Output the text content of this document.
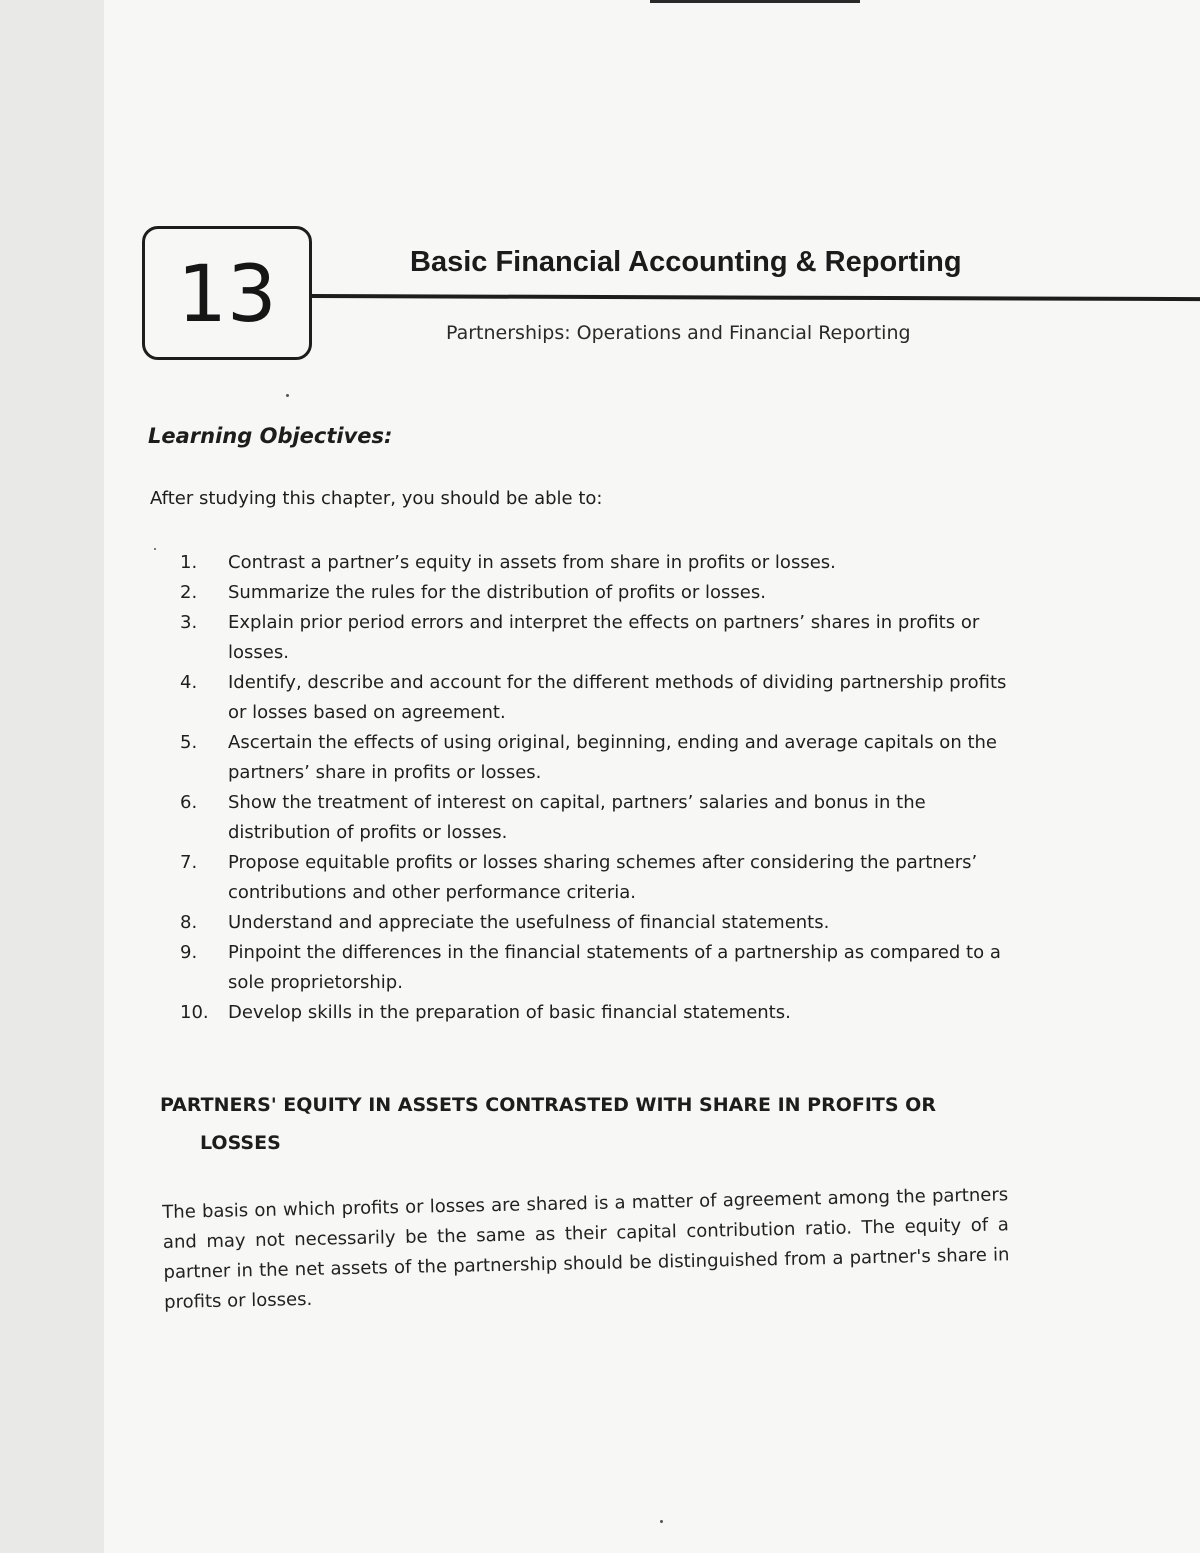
13	Basic Financial Accounting & Reporting
Partnerships: Operations and Financial Reporting
Learning Objectives:
After studying this chapter, you should be able to:
1.	Contrast a partner’s equity in assets from share in profits or losses.
2.	Summarize the rules for the distribution of profits or losses.
3.	Explain prior period errors and interpret the effects on partners’ shares in profits or losses.
4.	Identify, describe and account for the different methods of dividing partnership profits or losses based on agreement.
5.	Ascertain the effects of using original, beginning, ending and average capitals on the partners’ share in profits or losses.
6.	Show the treatment of interest on capital, partners’ salaries and bonus in the distribution of profits or losses.
7.	Propose equitable profits or losses sharing schemes after considering the partners’ contributions and other performance criteria.
8.	Understand and appreciate the usefulness of financial statements.
9.	Pinpoint the differences in the financial statements of a partnership as compared to a sole proprietorship.
10.	Develop skills in the preparation of basic financial statements.
PARTNERS' EQUITY IN ASSETS CONTRASTED WITH SHARE IN PROFITS OR LOSSES

The basis on which profits or losses are shared is a matter of agreement among the partners and may not necessarily be the same as their capital contribution ratio. The equity of a partner in the net assets of the partnership should be distinguished from a partner's share in profits or losses.
